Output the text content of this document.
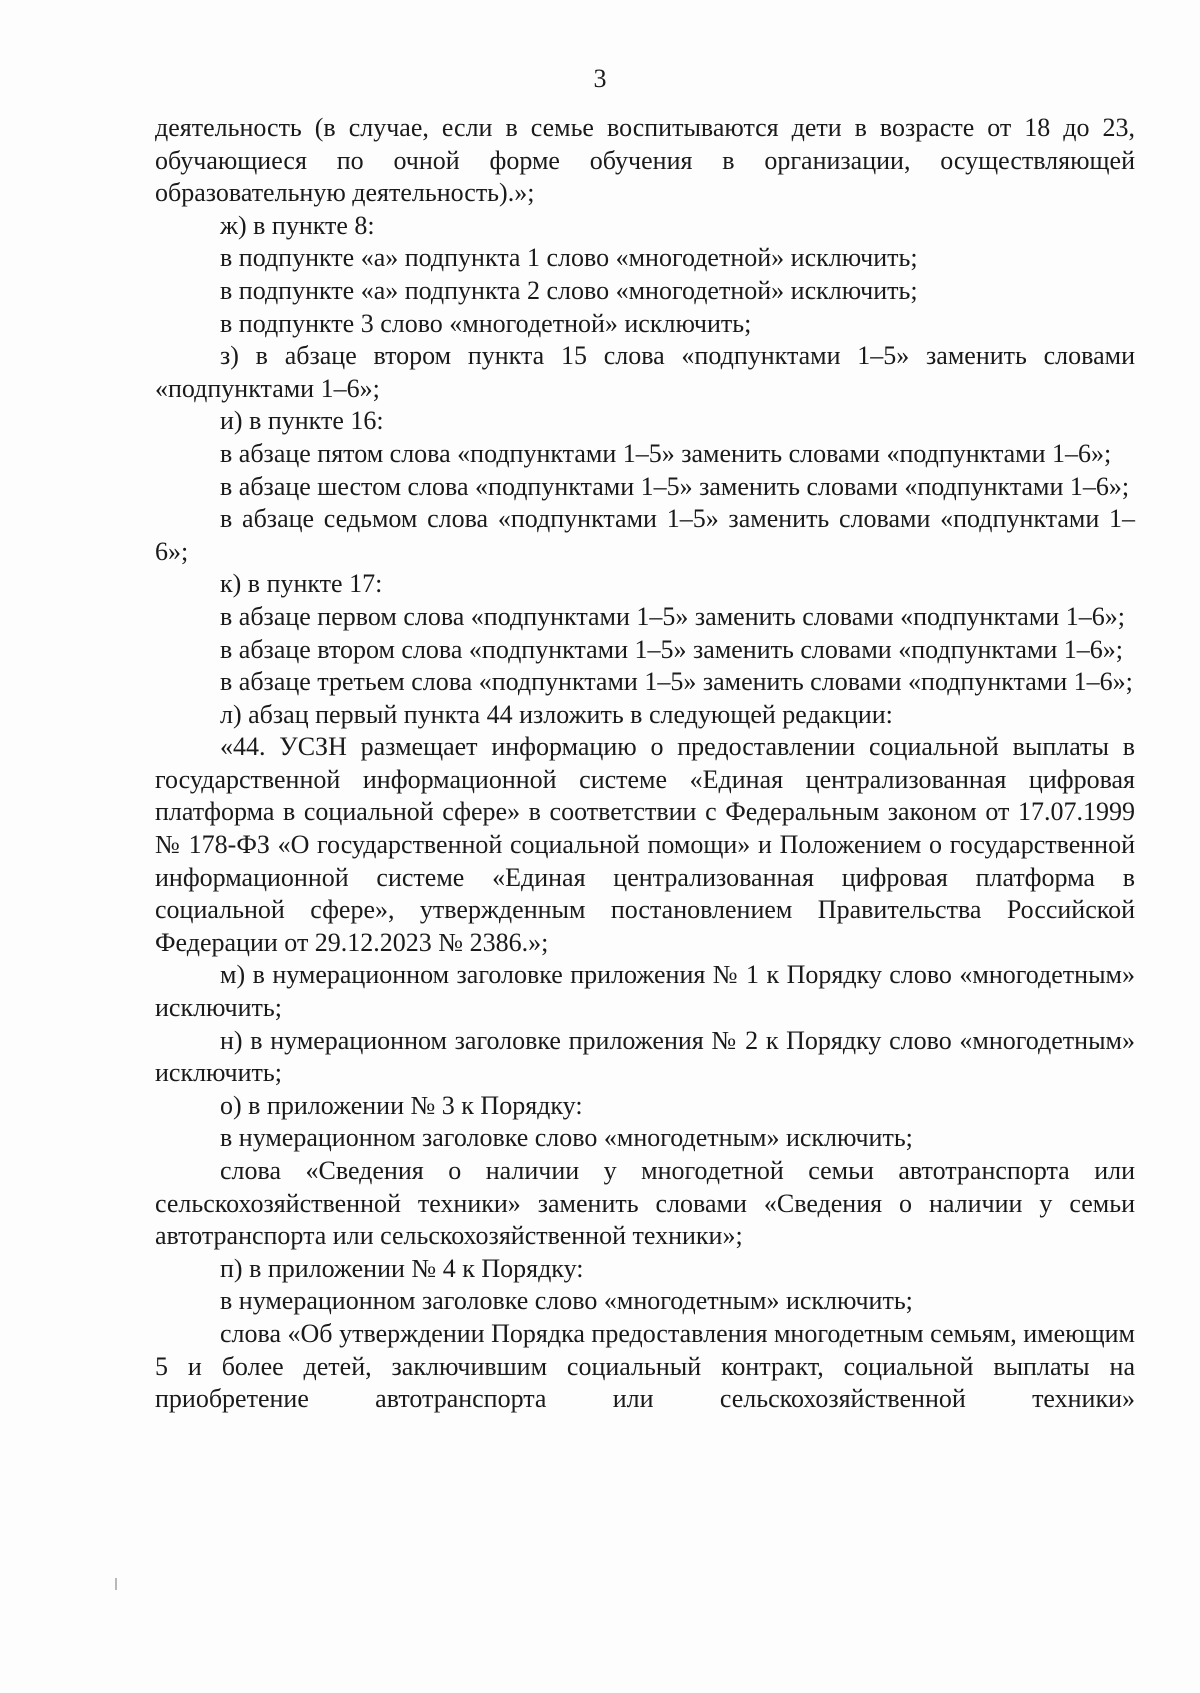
3

деятельность (в случае, если в семье воспитываются дети в возрасте от 18 до 23, обучающиеся по очной форме обучения в организации, осуществляющей образовательную деятельность).»;

ж) в пункте 8:

в подпункте «а» подпункта 1 слово «многодетной» исключить;

в подпункте «а» подпункта 2 слово «многодетной» исключить;

в подпункте 3 слово «многодетной» исключить;

з) в абзаце втором пункта 15 слова «подпунктами 1–5» заменить словами «подпунктами 1–6»;

и) в пункте 16:

в абзаце пятом слова «подпунктами 1–5» заменить словами «подпунктами 1–6»;

в абзаце шестом слова «подпунктами 1–5» заменить словами «подпунктами 1–6»;

в абзаце седьмом слова «подпунктами 1–5» заменить словами «подпунктами 1–6»;

к) в пункте 17:

в абзаце первом слова «подпунктами 1–5» заменить словами «подпунктами 1–6»;

в абзаце втором слова «подпунктами 1–5» заменить словами «подпунктами 1–6»;

в абзаце третьем слова «подпунктами 1–5» заменить словами «подпунктами 1–6»;

л) абзац первый пункта 44 изложить в следующей редакции:

«44. УСЗН размещает информацию о предоставлении социальной выплаты в государственной информационной системе «Единая централизованная цифровая платформа в социальной сфере» в соответствии с Федеральным законом от 17.07.1999 № 178-ФЗ «О государственной социальной помощи» и Положением о государственной информационной системе «Единая централизованная цифровая платформа в социальной сфере», утвержденным постановлением Правительства Российской Федерации от 29.12.2023 № 2386.»;

м) в нумерационном заголовке приложения № 1 к Порядку слово «многодетным» исключить;

н) в нумерационном заголовке приложения № 2 к Порядку слово «многодетным» исключить;

о) в приложении № 3 к Порядку:

в нумерационном заголовке слово «многодетным» исключить;

слова «Сведения о наличии у многодетной семьи автотранспорта или сельскохозяйственной техники» заменить словами «Сведения о наличии у семьи автотранспорта или сельскохозяйственной техники»;

п) в приложении № 4 к Порядку:

в нумерационном заголовке слово «многодетным» исключить;

слова «Об утверждении Порядка предоставления многодетным семьям, имеющим 5 и более детей, заключившим социальный контракт, социальной выплаты на приобретение автотранспорта или сельскохозяйственной техники»
